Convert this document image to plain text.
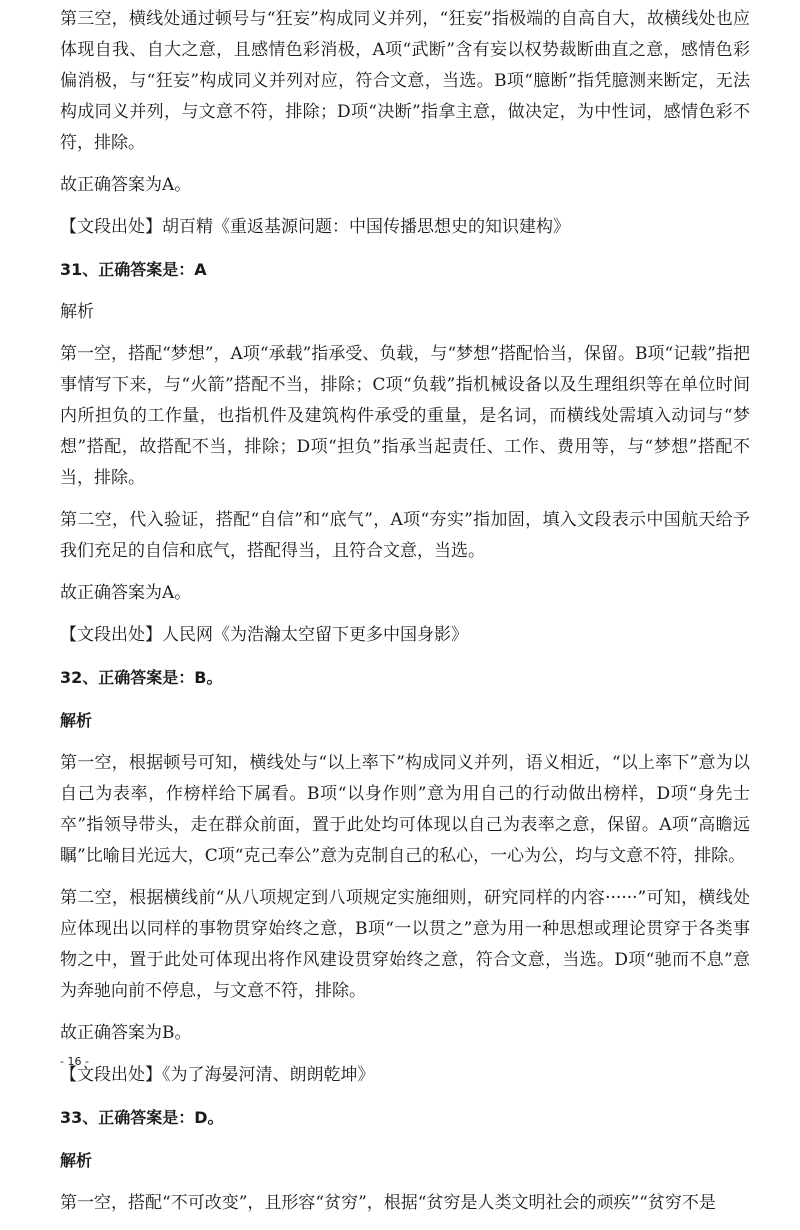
第三空，横线处通过顿号与“狂妄”构成同义并列，“狂妄”指极端的自高自大，故横线处也应体现自我、自大之意，且感情色彩消极，A项“武断”含有妄以权势裁断曲直之意，感情色彩偏消极，与“狂妄”构成同义并列对应，符合文意，当选。B项“臆断”指凭臆测来断定，无法构成同义并列，与文意不符，排除；D项“决断”指拿主意，做决定，为中性词，感情色彩不符，排除。

故正确答案为A。

【文段出处】胡百精《重返基源问题：中国传播思想史的知识建构》

31、正确答案是：A

解析

第一空，搭配“梦想”，A项“承载”指承受、负载，与“梦想”搭配恰当，保留。B项“记载”指把事情写下来，与“火箭”搭配不当，排除；C项“负载”指机械设备以及生理组织等在单位时间内所担负的工作量，也指机件及建筑构件承受的重量，是名词，而横线处需填入动词与“梦想”搭配，故搭配不当，排除；D项“担负”指承当起责任、工作、费用等，与“梦想”搭配不当，排除。

第二空，代入验证，搭配“自信”和“底气”，A项“夯实”指加固，填入文段表示中国航天给予我们充足的自信和底气，搭配得当，且符合文意，当选。

故正确答案为A。

【文段出处】人民网《为浩瀚太空留下更多中国身影》

32、正确答案是：B。

解析

第一空，根据顿号可知，横线处与“以上率下”构成同义并列，语义相近，“以上率下”意为以自己为表率，作榜样给下属看。B项“以身作则”意为用自己的行动做出榜样，D项“身先士卒”指领导带头，走在群众前面，置于此处均可体现以自己为表率之意，保留。A项“高瞻远瞩”比喻目光远大，C项“克己奉公”意为克制自己的私心，一心为公，均与文意不符，排除。

第二空，根据横线前“从八项规定到八项规定实施细则，研究同样的内容······”可知，横线处应体现出以同样的事物贯穿始终之意，B项“一以贯之”意为用一种思想或理论贯穿于各类事物之中，置于此处可体现出将作风建设贯穿始终之意，符合文意，当选。D项“驰而不息”意为奔驰向前不停息，与文意不符，排除。

故正确答案为B。

【文段出处】《为了海晏河清、朗朗乾坤》

33、正确答案是：D。

解析

第一空，搭配“不可改变”，且形容“贫穷”，根据“贫穷是人类文明社会的顽疾”“贫穷不是

- 16 -
